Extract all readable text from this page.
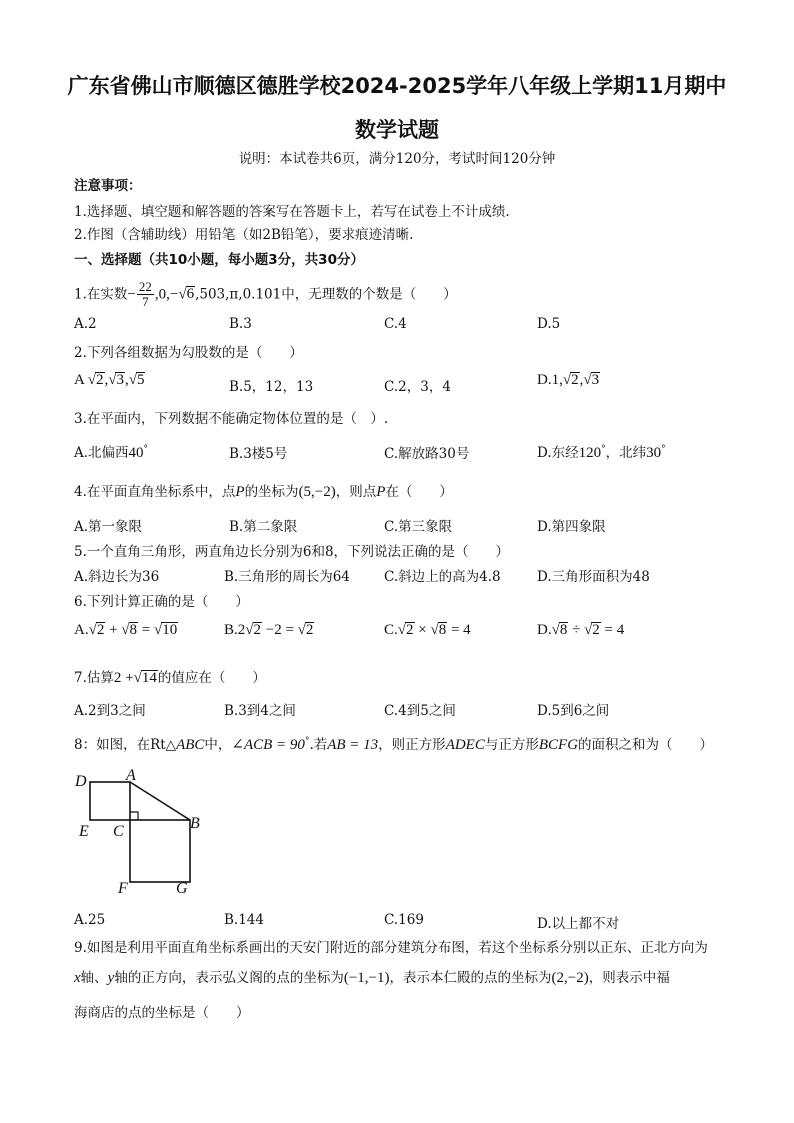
广东省佛山市顺德区德胜学校2024-2025学年八年级上学期11月期中
数学试题
说明：本试卷共6页，满分120分，考试时间120分钟
注意事项：
1.选择题、填空题和解答题的答案写在答题卡上，若写在试卷上不计成绩.
2.作图（含辅助线）用铅笔（如2B铅笔），要求痕迹清晰.
一、选择题（共10小题，每小题3分，共30分）
1.在实数− $\frac{22}{7} ,0,-√6,503,\pi,0.101$中，无理数的个数是（　　）
A.2	B.3	C.4	D.5
2.下列各组数据为勾股数的是（　　）
A √2,√3,√5	B.5，12，13	C.2，3，4	D.1,√2,√3
3.在平面内，下列数据不能确定物体位置的是（　）.
A.北偏西40°	B.3楼5号	C.解放路30号	D.东经120°，北纬30°
4.在平面直角坐标系中，点P的坐标为(5,−2)，则点P在（　　）
A.第一象限	B.第二象限	C.第三象限	D.第四象限
5.一个直角三角形，两直角边长分别为6和8，下列说法正确的是（　　）
A.斜边长为36	B.三角形的周长为64	C.斜边上的高为4.8	D.三角形面积为48
6.下列计算正确的是（　　）
A.√2 + √8 = √10	B.2√2 −2 = √2	C.√2 × √8 = 4	D.√8 ÷ √2 = 4
7.估算2 +√14的值应在（　　）
A.2到3之间	B.3到4之间	C.4到5之间	D.5到6之间
8：如图，在Rt△ABC中，∠ACB = 90°.若AB = 13，则正方形ADEC与正方形BCFG的面积之和为（　　）
D A
E C	B
F	G
A.25	B.144	C.169	D.以上都不对
9.如图是利用平面直角坐标系画出的天安门附近的部分建筑分布图，若这个坐标系分别以正东、正北方向为
x轴、y轴的正方向，表示弘义阁的点的坐标为(−1,−1)，表示本仁殿的点的坐标为(2,−2)，则表示中福
海商店的点的坐标是（　　）
